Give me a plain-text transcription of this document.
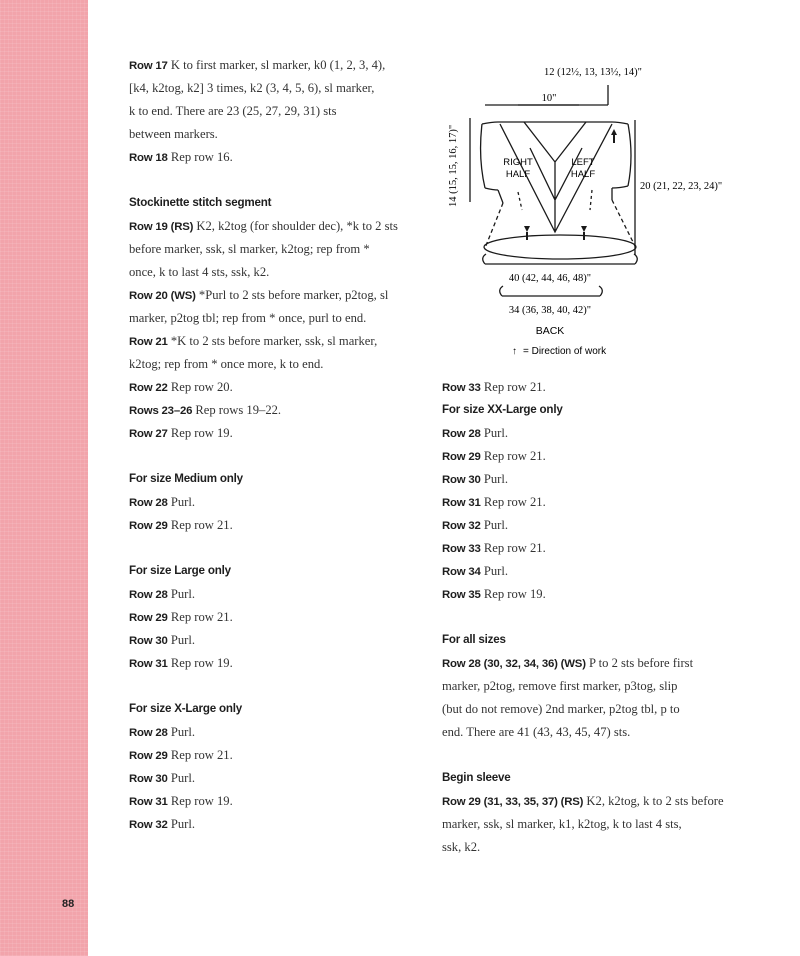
88
Row 17 K to first marker, sl marker, k0 (1, 2, 3, 4),
[k4, k2tog, k2] 3 times, k2 (3, 4, 5, 6), sl marker,
k to end. There are 23 (25, 27, 29, 31) sts
between markers.
Row 18 Rep row 16.
Stockinette stitch segment
Row 19 (RS) K2, k2tog (for shoulder dec), *k to 2 sts
before marker, ssk, sl marker, k2tog; rep from *
once, k to last 4 sts, ssk, k2.
Row 20 (WS) *Purl to 2 sts before marker, p2tog, sl
marker, p2tog tbl; rep from * once, purl to end.
Row 21 *K to 2 sts before marker, ssk, sl marker,
k2tog; rep from * once more, k to end.
Row 22 Rep row 20.
Rows 23–26 Rep rows 19–22.
Row 27 Rep row 19.
For size Medium only
Row 28 Purl.
Row 29 Rep row 21.
For size Large only
Row 28 Purl.
Row 29 Rep row 21.
Row 30 Purl.
Row 31 Rep row 19.
For size X-Large only
Row 28 Purl.
Row 29 Rep row 21.
Row 30 Purl.
Row 31 Rep row 19.
Row 32 Purl.
Row 33 Rep row 21.
For size XX-Large only
Row 28 Purl.
Row 29 Rep row 21.
Row 30 Purl.
Row 31 Rep row 21.
Row 32 Purl.
Row 33 Rep row 21.
Row 34 Purl.
Row 35 Rep row 19.
For all sizes
Row 28 (30, 32, 34, 36) (WS) P to 2 sts before first
marker, p2tog, remove first marker, p3tog, slip
(but do not remove) 2nd marker, p2tog tbl, p to
end. There are 41 (43, 43, 45, 47) sts.
Begin sleeve
Row 29 (31, 33, 35, 37) (RS) K2, k2tog, k to 2 sts before
marker, ssk, sl marker, k1, k2tog, k to last 4 sts,
ssk, k2.
12 (12½, 13, 13½, 14)"
10"
14 (15, 15, 16, 17)"	20 (21, 22, 23, 24)"
RIGHT
HALF
LEFT
HALF
40 (42, 44, 46, 48)"
34 (36, 38, 40, 42)"
BACK
↑ = Direction of work
